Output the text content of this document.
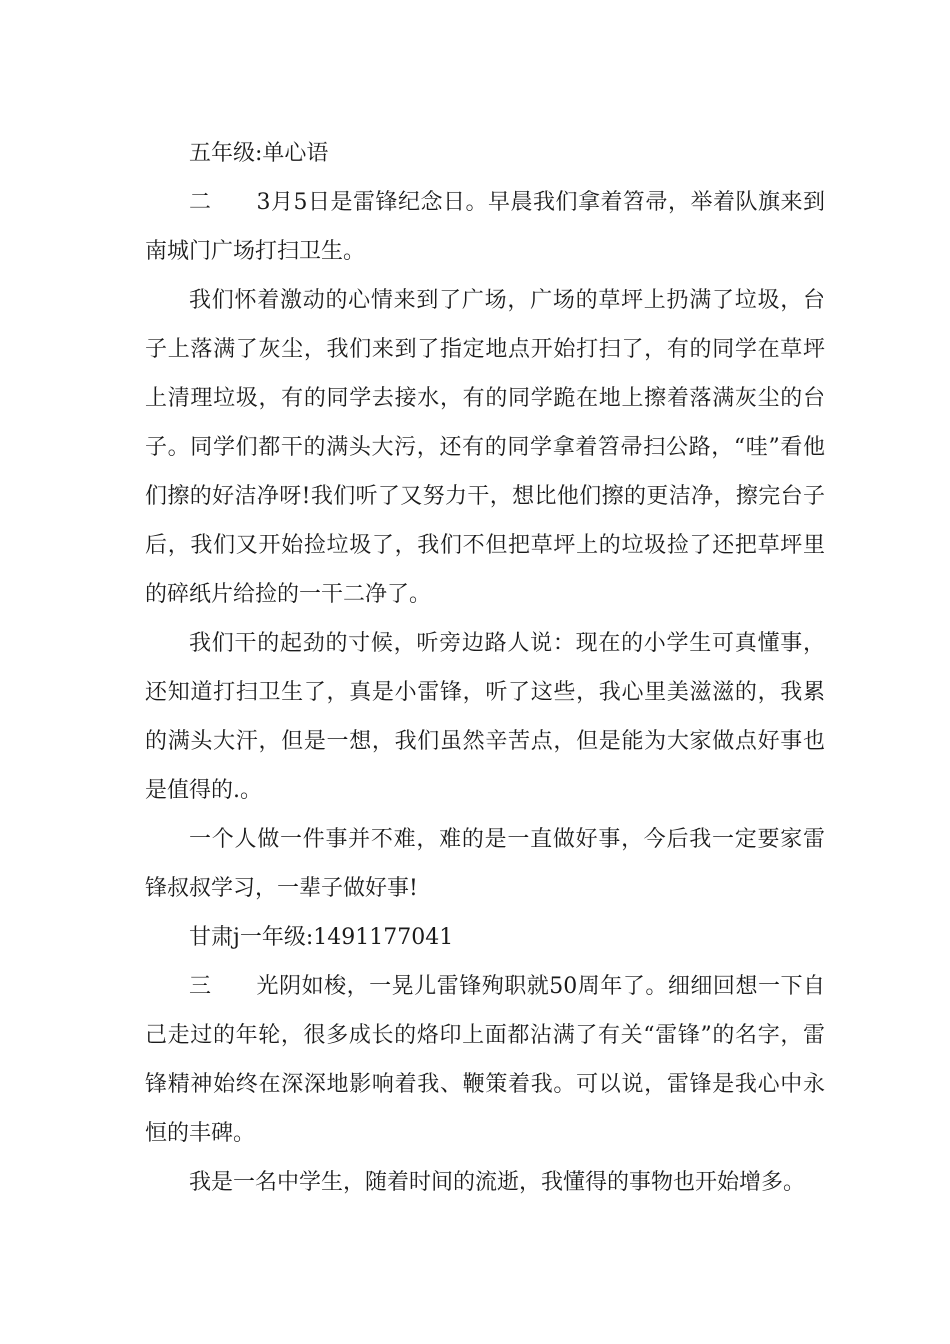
五年级:单心语

二　　3月5日是雷锋纪念日。早晨我们拿着笤帚，举着队旗来到南城门广场打扫卫生。

我们怀着激动的心情来到了广场，广场的草坪上扔满了垃圾，台子上落满了灰尘，我们来到了指定地点开始打扫了，有的同学在草坪上清理垃圾，有的同学去接水，有的同学跪在地上擦着落满灰尘的台子。同学们都干的满头大污，还有的同学拿着笤帚扫公路，“哇”看他们擦的好洁净呀!我们听了又努力干，想比他们擦的更洁净，擦完台子后，我们又开始捡垃圾了，我们不但把草坪上的垃圾捡了还把草坪里的碎纸片给捡的一干二净了。

我们干的起劲的寸候，听旁边路人说：现在的小学生可真懂事，还知道打扫卫生了，真是小雷锋，听了这些，我心里美滋滋的，我累的满头大汗，但是一想，我们虽然辛苦点，但是能为大家做点好事也是值得的.。

一个人做一件事并不难，难的是一直做好事，今后我一定要家雷锋叔叔学习，一辈子做好事!

甘肃j一年级:1491177041

三　　光阴如梭，一晃儿雷锋殉职就50周年了。细细回想一下自己走过的年轮，很多成长的烙印上面都沾满了有关“雷锋”的名字，雷锋精神始终在深深地影响着我、鞭策着我。可以说，雷锋是我心中永恒的丰碑。

我是一名中学生，随着时间的流逝，我懂得的事物也开始增多。
